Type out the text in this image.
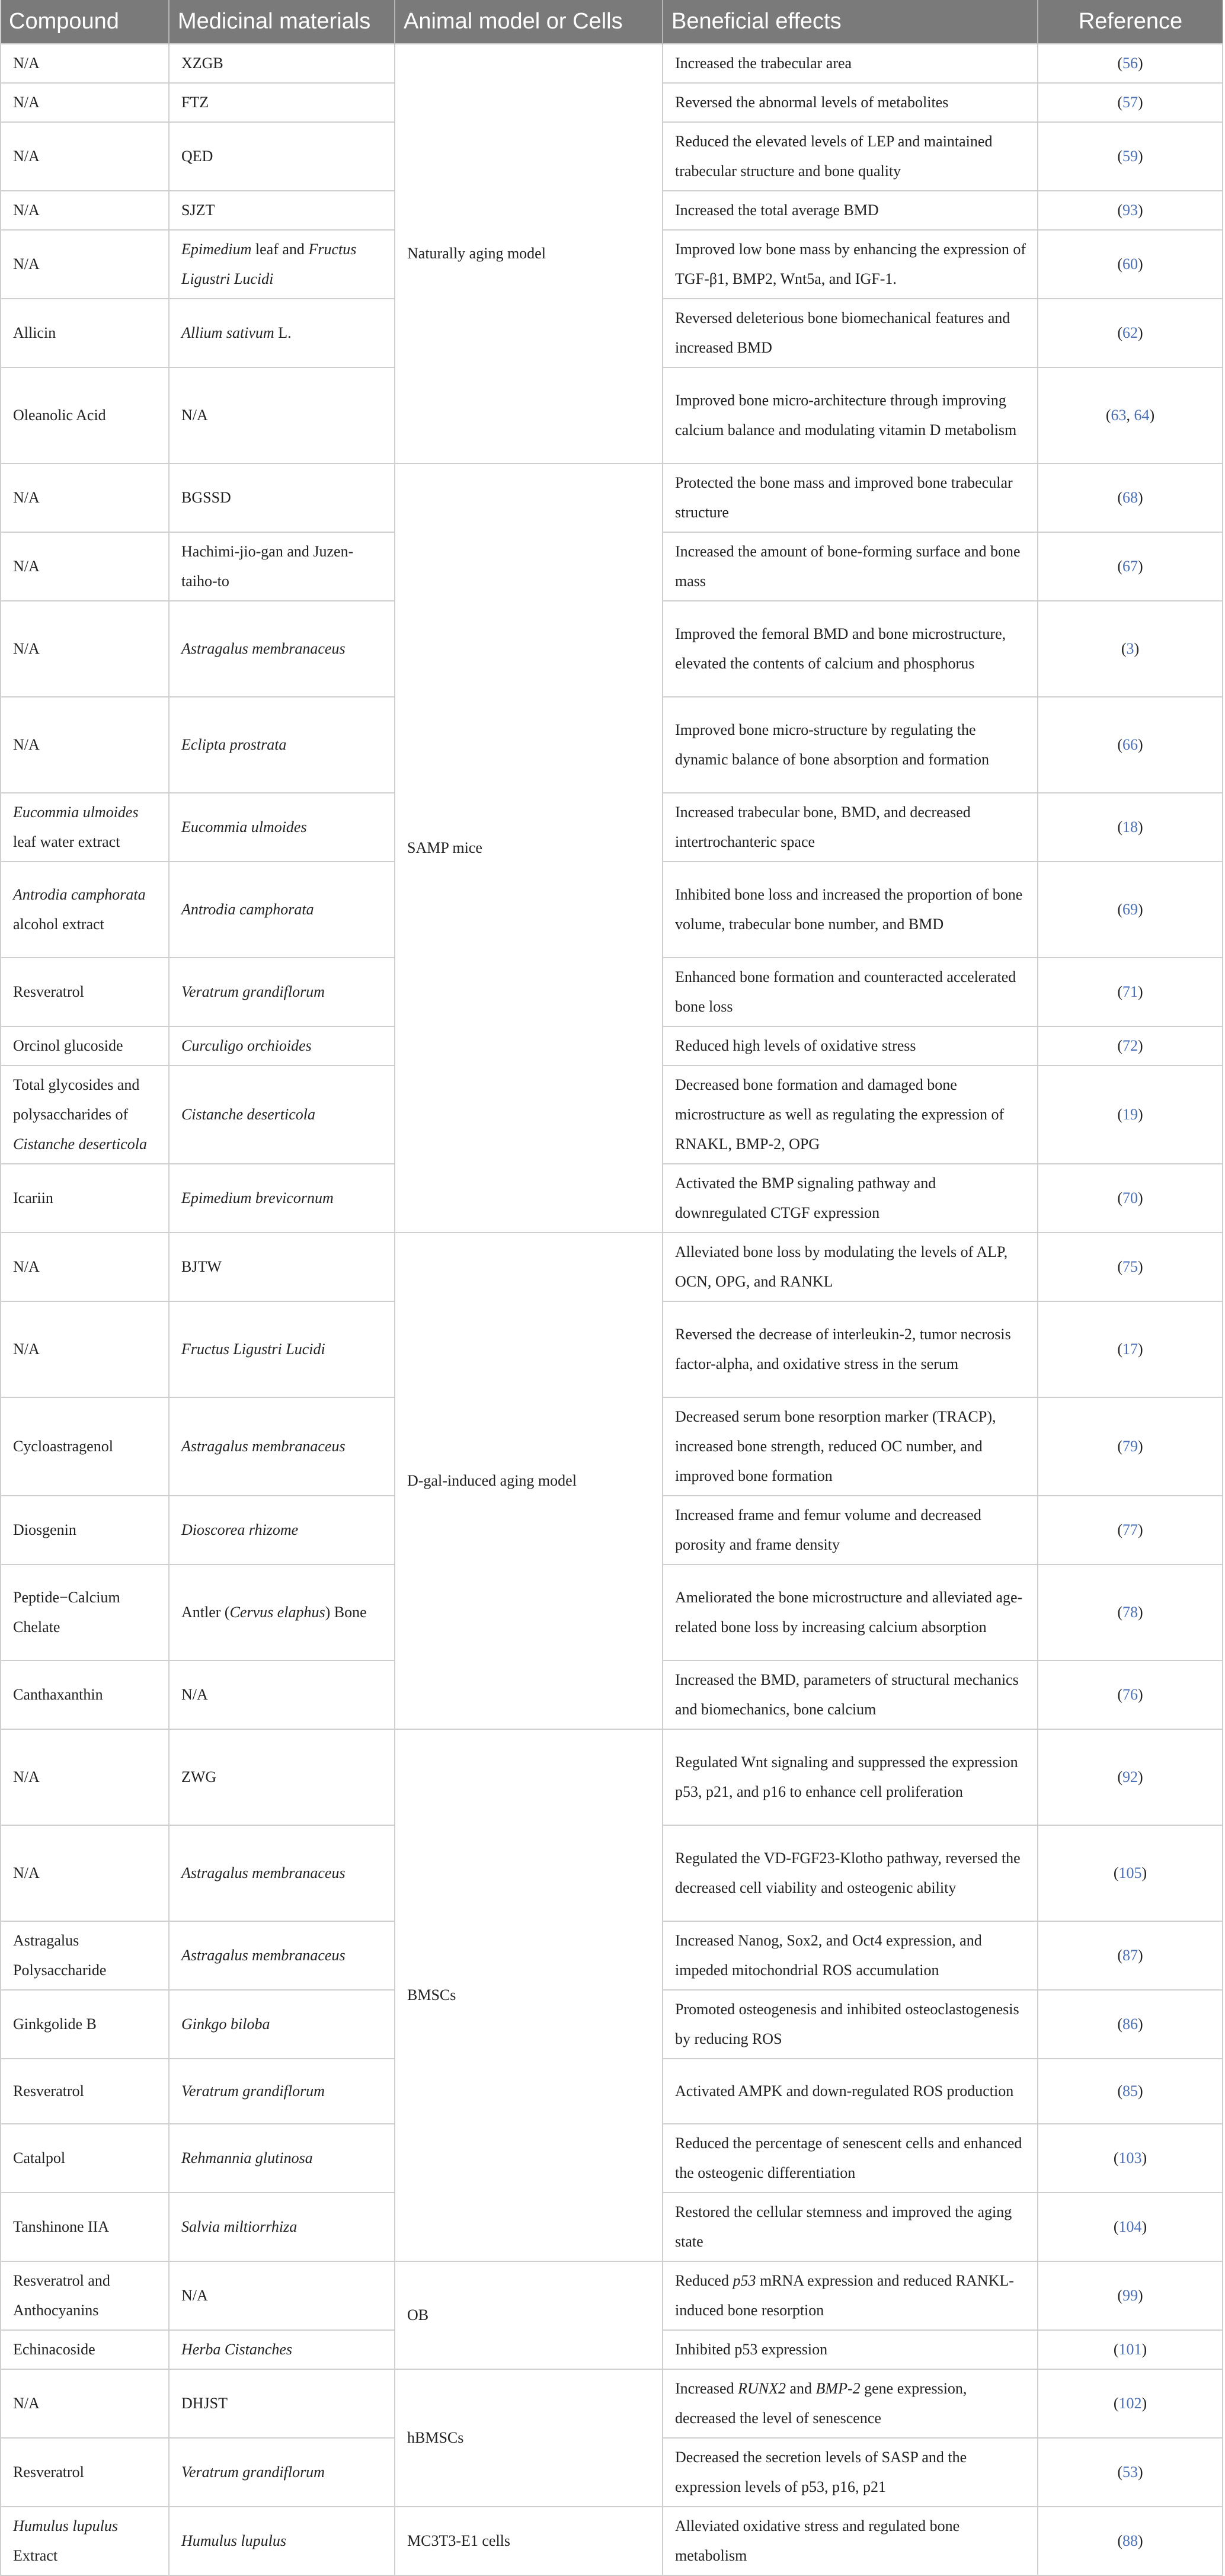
Compound	Medicinal materials	Animal model or Cells	Beneficial effects	Reference
N/A	XZGB	Naturally aging model	Increased the trabecular area	(56)
N/A	FTZ		Reversed the abnormal levels of metabolites	(57)
N/A	QED		Reduced the elevated levels of LEP and maintained trabecular structure and bone quality	(59)
N/A	SJZT		Increased the total average BMD	(93)
N/A	Epimedium leaf and Fructus Ligustri Lucidi		Improved low bone mass by enhancing the expression of TGF-β1, BMP2, Wnt5a, and IGF-1.	(60)
Allicin	Allium sativum L.		Reversed deleterious bone biomechanical features and increased BMD	(62)
Oleanolic Acid	N/A		Improved bone micro-architecture through improving calcium balance and modulating vitamin D metabolism	(63, 64)
N/A	BGSSD	SAMP mice	Protected the bone mass and improved bone trabecular structure	(68)
N/A	Hachimi-jio-gan and Juzen-taiho-to		Increased the amount of bone-forming surface and bone mass	(67)
N/A	Astragalus membranaceus		Improved the femoral BMD and bone microstructure, elevated the contents of calcium and phosphorus	(3)
N/A	Eclipta prostrata		Improved bone micro-structure by regulating the dynamic balance of bone absorption and formation	(66)
Eucommia ulmoides leaf water extract	Eucommia ulmoides		Increased trabecular bone, BMD, and decreased intertrochanteric space	(18)
Antrodia camphorata alcohol extract	Antrodia camphorata		Inhibited bone loss and increased the proportion of bone volume, trabecular bone number, and BMD	(69)
Resveratrol	Veratrum grandiflorum		Enhanced bone formation and counteracted accelerated bone loss	(71)
Orcinol glucoside	Curculigo orchioides		Reduced high levels of oxidative stress	(72)
Total glycosides and polysaccharides of Cistanche deserticola	Cistanche deserticola		Decreased bone formation and damaged bone microstructure as well as regulating the expression of RNAKL, BMP-2, OPG	(19)
Icariin	Epimedium brevicornum		Activated the BMP signaling pathway and downregulated CTGF expression	(70)
N/A	BJTW	D-gal-induced aging model	Alleviated bone loss by modulating the levels of ALP, OCN, OPG, and RANKL	(75)
N/A	Fructus Ligustri Lucidi		Reversed the decrease of interleukin-2, tumor necrosis factor-alpha, and oxidative stress in the serum	(17)
Cycloastragenol	Astragalus membranaceus		Decreased serum bone resorption marker (TRACP), increased bone strength, reduced OC number, and improved bone formation	(79)
Diosgenin	Dioscorea rhizome		Increased frame and femur volume and decreased porosity and frame density	(77)
Peptide−Calcium Chelate	Antler (Cervus elaphus) Bone		Ameliorated the bone microstructure and alleviated age-related bone loss by increasing calcium absorption	(78)
Canthaxanthin	N/A		Increased the BMD, parameters of structural mechanics and biomechanics, bone calcium	(76)
N/A	ZWG	BMSCs	Regulated Wnt signaling and suppressed the expression p53, p21, and p16 to enhance cell proliferation	(92)
N/A	Astragalus membranaceus		Regulated the VD-FGF23-Klotho pathway, reversed the decreased cell viability and osteogenic ability	(105)
Astragalus Polysaccharide	Astragalus membranaceus		Increased Nanog, Sox2, and Oct4 expression, and impeded mitochondrial ROS accumulation	(87)
Ginkgolide B	Ginkgo biloba		Promoted osteogenesis and inhibited osteoclastogenesis by reducing ROS	(86)
Resveratrol	Veratrum grandiflorum		Activated AMPK and down-regulated ROS production	(85)
Catalpol	Rehmannia glutinosa		Reduced the percentage of senescent cells and enhanced the osteogenic differentiation	(103)
Tanshinone IIA	Salvia miltiorrhiza		Restored the cellular stemness and improved the aging state	(104)
Resveratrol and Anthocyanins	N/A	OB	Reduced p53 mRNA expression and reduced RANKL-induced bone resorption	(99)
Echinacoside	Herba Cistanches		Inhibited p53 expression	(101)
N/A	DHJST	hBMSCs	Increased RUNX2 and BMP-2 gene expression, decreased the level of senescence	(102)
Resveratrol	Veratrum grandiflorum		Decreased the secretion levels of SASP and the expression levels of p53, p16, p21	(53)
Humulus lupulus Extract	Humulus lupulus	MC3T3-E1 cells	Alleviated oxidative stress and regulated bone metabolism	(88)
